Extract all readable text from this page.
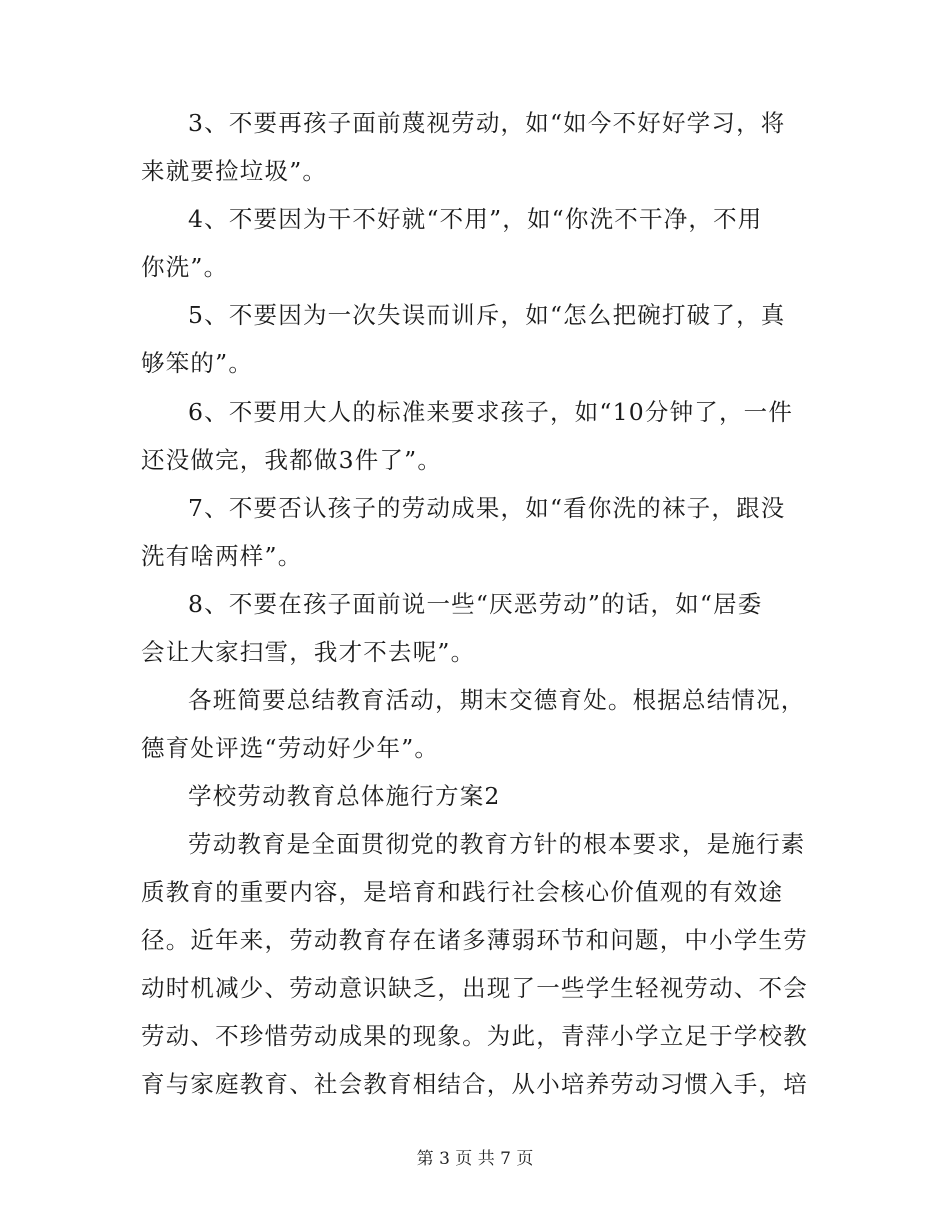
3、不要再孩子面前蔑视劳动，如“如今不好好学习，将
来就要捡垃圾”。
4、不要因为干不好就“不用”，如“你洗不干净，不用
你洗”。
5、不要因为一次失误而训斥，如“怎么把碗打破了，真
够笨的”。
6、不要用大人的标准来要求孩子，如“10分钟了，一件
还没做完，我都做3件了”。
7、不要否认孩子的劳动成果，如“看你洗的袜子，跟没
洗有啥两样”。
8、不要在孩子面前说一些“厌恶劳动”的话，如“居委
会让大家扫雪，我才不去呢”。
各班简要总结教育活动，期末交德育处。根据总结情况，
德育处评选“劳动好少年”。
学校劳动教育总体施行方案2
劳动教育是全面贯彻党的教育方针的根本要求，是施行素
质教育的重要内容，是培育和践行社会核心价值观的有效途
径。近年来，劳动教育存在诸多薄弱环节和问题，中小学生劳
动时机减少、劳动意识缺乏，出现了一些学生轻视劳动、不会
劳动、不珍惜劳动成果的现象。为此，青萍小学立足于学校教
育与家庭教育、社会教育相结合，从小培养劳动习惯入手，培
第 3 页 共 7 页
